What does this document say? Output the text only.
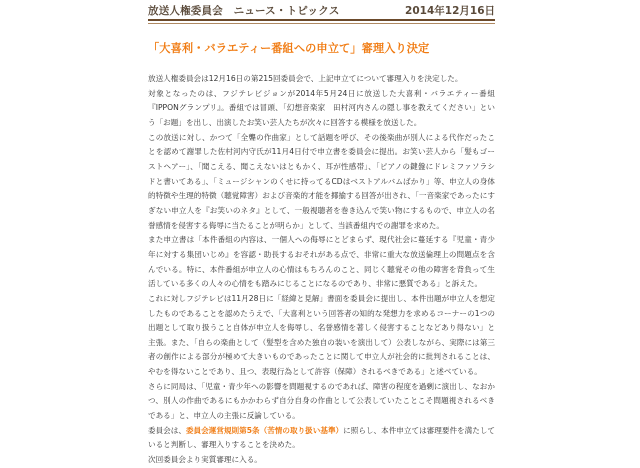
放送人権委員会　ニュース・トピックス	2014年12月16日
「大喜利・バラエティー番組への申立て」審理入り決定

放送人権委員会は12月16日の第215回委員会で、上記申立てについて審理入りを決定した。

対象となったのは、フジテレビジョンが2014年5月24日に放送した大喜利・バラエティー番組『IPPONグランプリ』。番組では冒頭、「幻想音楽家　田村河内さんの隠し事を教えてください」という「お題」を出し、出演したお笑い芸人たちが次々に回答する模様を放送した。

この放送に対し、かつて「全聾の作曲家」として話題を呼び、その後楽曲が別人による代作だったことを認めて謝罪した佐村河内守氏が11月4日付で申立書を委員会に提出。お笑い芸人から「髪もゴーストヘアー」、「聞こえる、聞こえないはともかく、耳が性感帯」、「ピアノの鍵盤にドレミファソラシドと書いてある」、「ミュージシャンのくせに持ってるCDはベストアルバムばかり」等、申立人の身体的特徴や生理的特徴（聴覚障害）および音楽的才能を揶揄する回答が出され、「一音楽家であったにすぎない申立人を『お笑いのネタ』として、一般視聴者を巻き込んで笑い物にするもので、申立人の名誉感情を侵害する侮辱に当たることが明らか」として、当該番組内での謝罪を求めた。

また申立書は「本件番組の内容は、一個人への侮辱にとどまらず、現代社会に蔓延する『児童・青少年に対する集団いじめ』を容認・助長するおそれがある点で、非常に重大な放送倫理上の問題点を含んでいる。特に、本件番組が申立人の心情はもちろんのこと、同じく聴覚その他の障害を背負って生活している多くの人々の心情をも踏みにじることになるのであり、非常に悪質である」と訴えた。

これに対しフジテレビは11月28日に「経緯と見解」書面を委員会に提出し、本件出題が申立人を想定したものであることを認めたうえで、「大喜利という回答者の知的な発想力を求めるコーナーの1つの出題として取り扱うこと自体が申立人を侮辱し、名誉感情を著しく侵害することなどあり得ない」と主張。また、「自らの楽曲として（髪型を含めた独自の装いを演出して）公表しながら、実際には第三者の創作による部分が極めて大きいものであったことに関して申立人が社会的に批判されることは、やむを得ないことであり、且つ、表現行為として許容（保障）されるべきである」と述べている。

さらに同局は、「児童・青少年への影響を問題視するのであれば、障害の程度を過剰に演出し、なおかつ、別人の作曲であるにもかかわらず自分自身の作曲として公表していたことこそ問題視されるべきである」と、申立人の主張に反論している。

委員会は、委員会運営規則第5条（苦情の取り扱い基準）に照らし、本件申立ては審理要件を満たしていると判断し、審理入りすることを決めた。

次回委員会より実質審理に入る。
